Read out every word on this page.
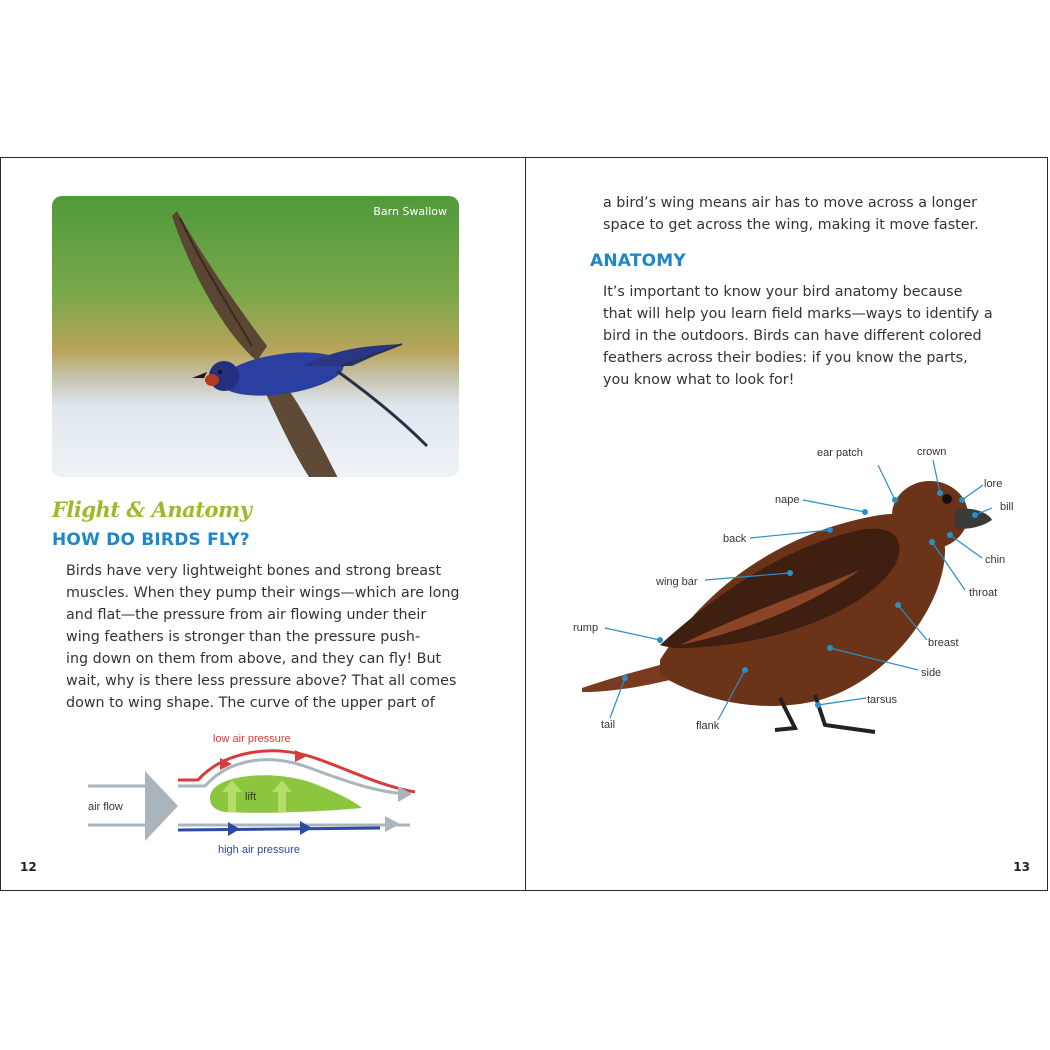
Barn Swallow
Flight & Anatomy
HOW DO BIRDS FLY?

Birds have very lightweight bones and strong breast

muscles. When they pump their wings—which are long

and flat—the pressure from air flowing under their

wing feathers is stronger than the pressure push-

ing down on them from above, and they can fly! But

wait, why is there less pressure above? That all comes

down to wing shape. The curve of the upper part of

lift
low air pressure
high air pressure
air flow
12

a bird’s wing means air has to move across a longer

space to get across the wing, making it move faster.

ANATOMY

It’s important to know your bird anatomy because

that will help you learn field marks—ways to identify a

bird in the outdoors. Birds can have different colored

feathers across their bodies: if you know the parts,

you know what to look for!

ear patch	crown
lore
bill
nape
back
chin
throat
wing bar
rump
breast
side
tarsus
tail	flank
13
